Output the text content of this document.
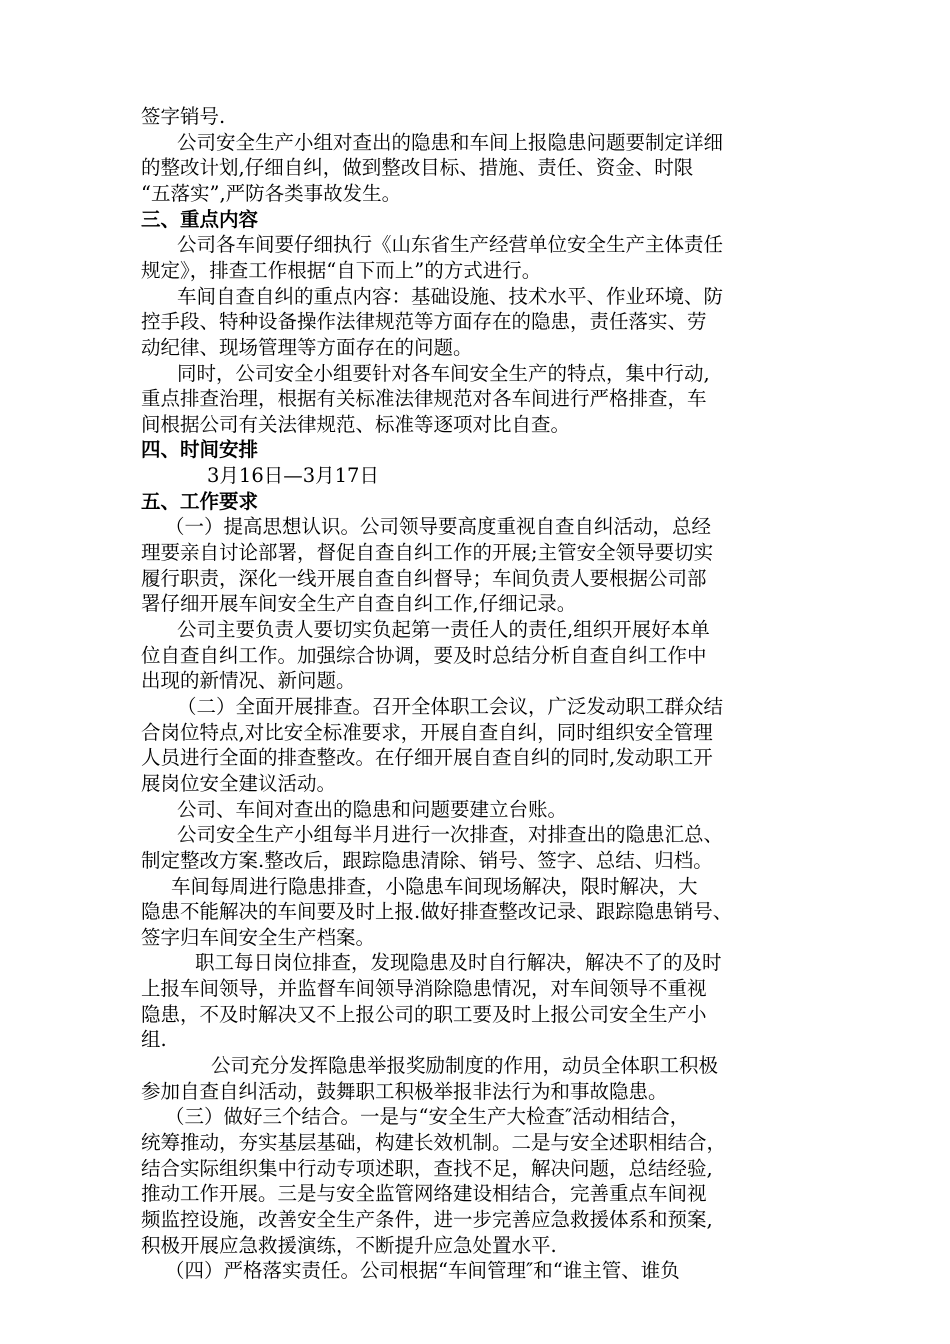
签字销号.
公司安全生产小组对查出的隐患和车间上报隐患问题要制定详细
的整改计划,仔细自纠，做到整改目标、措施、责任、资金、时限
“五落实”,严防各类事故发生。
三、重点内容
公司各车间要仔细执行《山东省生产经营单位安全生产主体责任
规定》，排查工作根据“自下而上”的方式进行。
车间自查自纠的重点内容：基础设施、技术水平、作业环境、防
控手段、特种设备操作法律规范等方面存在的隐患，责任落实、劳
动纪律、现场管理等方面存在的问题。
同时，公司安全小组要针对各车间安全生产的特点，集中行动,
重点排查治理，根据有关标准法律规范对各车间进行严格排查，车
间根据公司有关法律规范、标准等逐项对比自查。
四、时间安排
3月16日—3月17日
五、工作要求
（一）提高思想认识。公司领导要高度重视自查自纠活动，总经
理要亲自讨论部署，督促自查自纠工作的开展;主管安全领导要切实
履行职责，深化一线开展自查自纠督导；车间负责人要根据公司部
署仔细开展车间安全生产自查自纠工作,仔细记录。
公司主要负责人要切实负起第一责任人的责任,组织开展好本单
位自查自纠工作。加强综合协调，要及时总结分析自查自纠工作中
出现的新情况、新问题。
（二）全面开展排查。召开全体职工会议，广泛发动职工群众结
合岗位特点,对比安全标准要求，开展自查自纠，同时组织安全管理
人员进行全面的排查整改。在仔细开展自查自纠的同时,发动职工开
展岗位安全建议活动。
公司、车间对查出的隐患和问题要建立台账。
公司安全生产小组每半月进行一次排查，对排查出的隐患汇总、
制定整改方案.整改后，跟踪隐患清除、销号、签字、总结、归档。
车间每周进行隐患排查，小隐患车间现场解决，限时解决，大
隐患不能解决的车间要及时上报.做好排查整改记录、跟踪隐患销号、
签字归车间安全生产档案。
职工每日岗位排查，发现隐患及时自行解决，解决不了的及时
上报车间领导，并监督车间领导消除隐患情况，对车间领导不重视
隐患，不及时解决又不上报公司的职工要及时上报公司安全生产小
组.
公司充分发挥隐患举报奖励制度的作用，动员全体职工积极
参加自查自纠活动，鼓舞职工积极举报非法行为和事故隐患。
（三）做好三个结合。一是与“安全生产大检查″活动相结合，
统筹推动，夯实基层基础，构建长效机制。二是与安全述职相结合，
结合实际组织集中行动专项述职，查找不足，解决问题，总结经验,
推动工作开展。三是与安全监管网络建设相结合，完善重点车间视
频监控设施，改善安全生产条件，进一步完善应急救援体系和预案,
积极开展应急救援演练，不断提升应急处置水平.
（四）严格落实责任。公司根据“车间管理″和“谁主管、谁负
